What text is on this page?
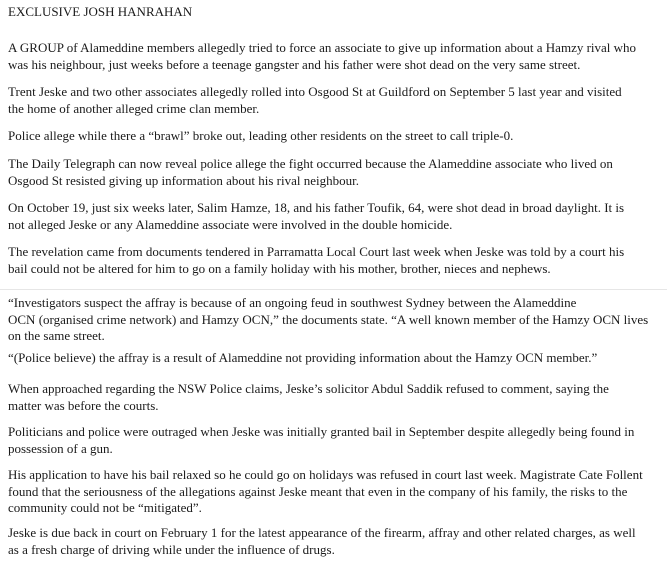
EXCLUSIVE JOSH HANRAHAN

A GROUP of Alameddine members allegedly tried to force an associate to give up information about a Hamzy rival who
was his neighbour, just weeks before a teenage gangster and his father were shot dead on the very same street.

Trent Jeske and two other associates allegedly rolled into Osgood St at Guildford on September 5 last year and visited
the home of another alleged crime clan member.

Police allege while there a “brawl” broke out, leading other residents on the street to call triple-0.

The Daily Telegraph can now reveal police allege the fight occurred because the Alameddine associate who lived on
Osgood St resisted giving up information about his rival neighbour.

On October 19, just six weeks later, Salim Hamze, 18, and his father Toufik, 64, were shot dead in broad daylight. It is
not alleged Jeske or any Alameddine associate were involved in the double homicide.

The revelation came from documents tendered in Parramatta Local Court last week when Jeske was told by a court his
bail could not be altered for him to go on a family holiday with his mother, brother, nieces and nephews.

“Investigators suspect the affray is because of an ongoing feud in southwest Sydney between the Alameddine
OCN (organised crime network) and Hamzy OCN,” the documents state. “A well known member of the Hamzy OCN lives
on the same street.

“(Police believe) the affray is a result of Alameddine not providing information about the Hamzy OCN member.”

When approached regarding the NSW Police claims, Jeske’s solicitor Abdul Saddik refused to comment, saying the
matter was before the courts.

Politicians and police were outraged when Jeske was initially granted bail in September despite allegedly being found in
possession of a gun.

His application to have his bail relaxed so he could go on holidays was refused in court last week. Magistrate Cate Follent
found that the seriousness of the allegations against Jeske meant that even in the company of his family, the risks to the
community could not be “mitigated”.

Jeske is due back in court on February 1 for the latest appearance of the firearm, affray and other related charges, as well
as a fresh charge of driving while under the influence of drugs.
